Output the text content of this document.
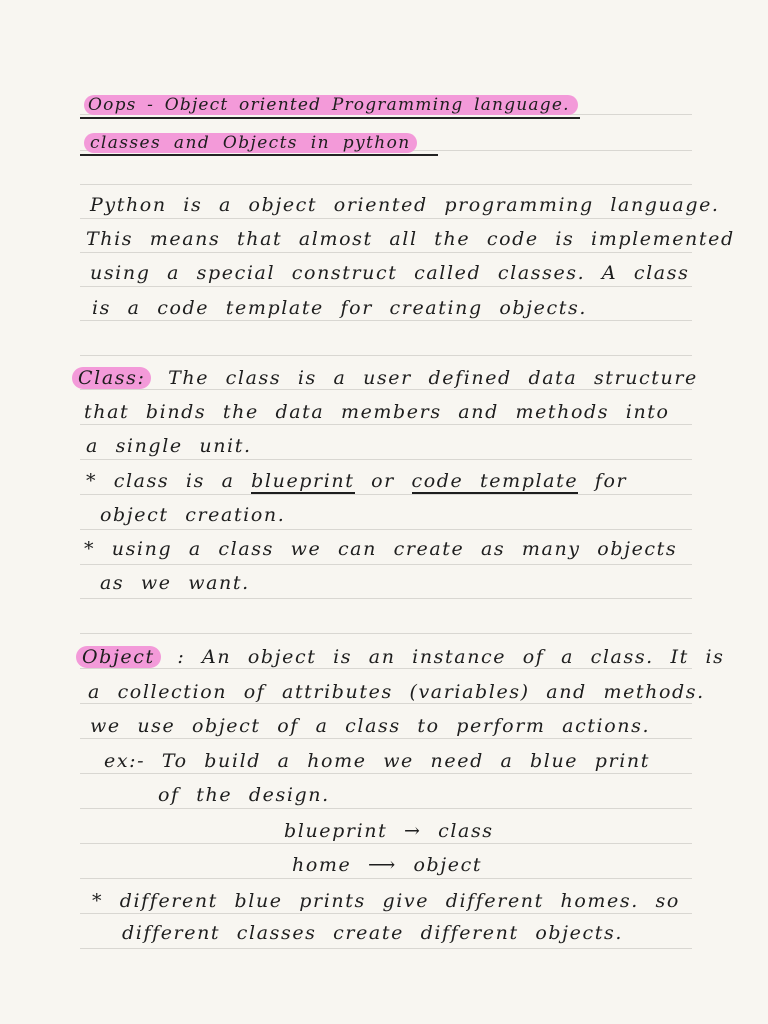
Oops - Object oriented Programming language.
classes and Objects in python
Python is a object oriented programming language.
This means that almost all the code is implemented
using a special construct called classes. A class
is a code template for creating objects.
Class: The class is a user defined data structure
that binds the data members and methods into
a single unit.
* class is a blueprint or code template for
object creation.
* using a class we can create as many objects
as we want.
Object : An object is an instance of a class. It is
a collection of attributes (variables) and methods.
we use object of a class to perform actions.
ex:- To build a home we need a blue print
of the design.
blueprint → class
home ⟶ object
* different blue prints give different homes. so
different classes create different objects.
